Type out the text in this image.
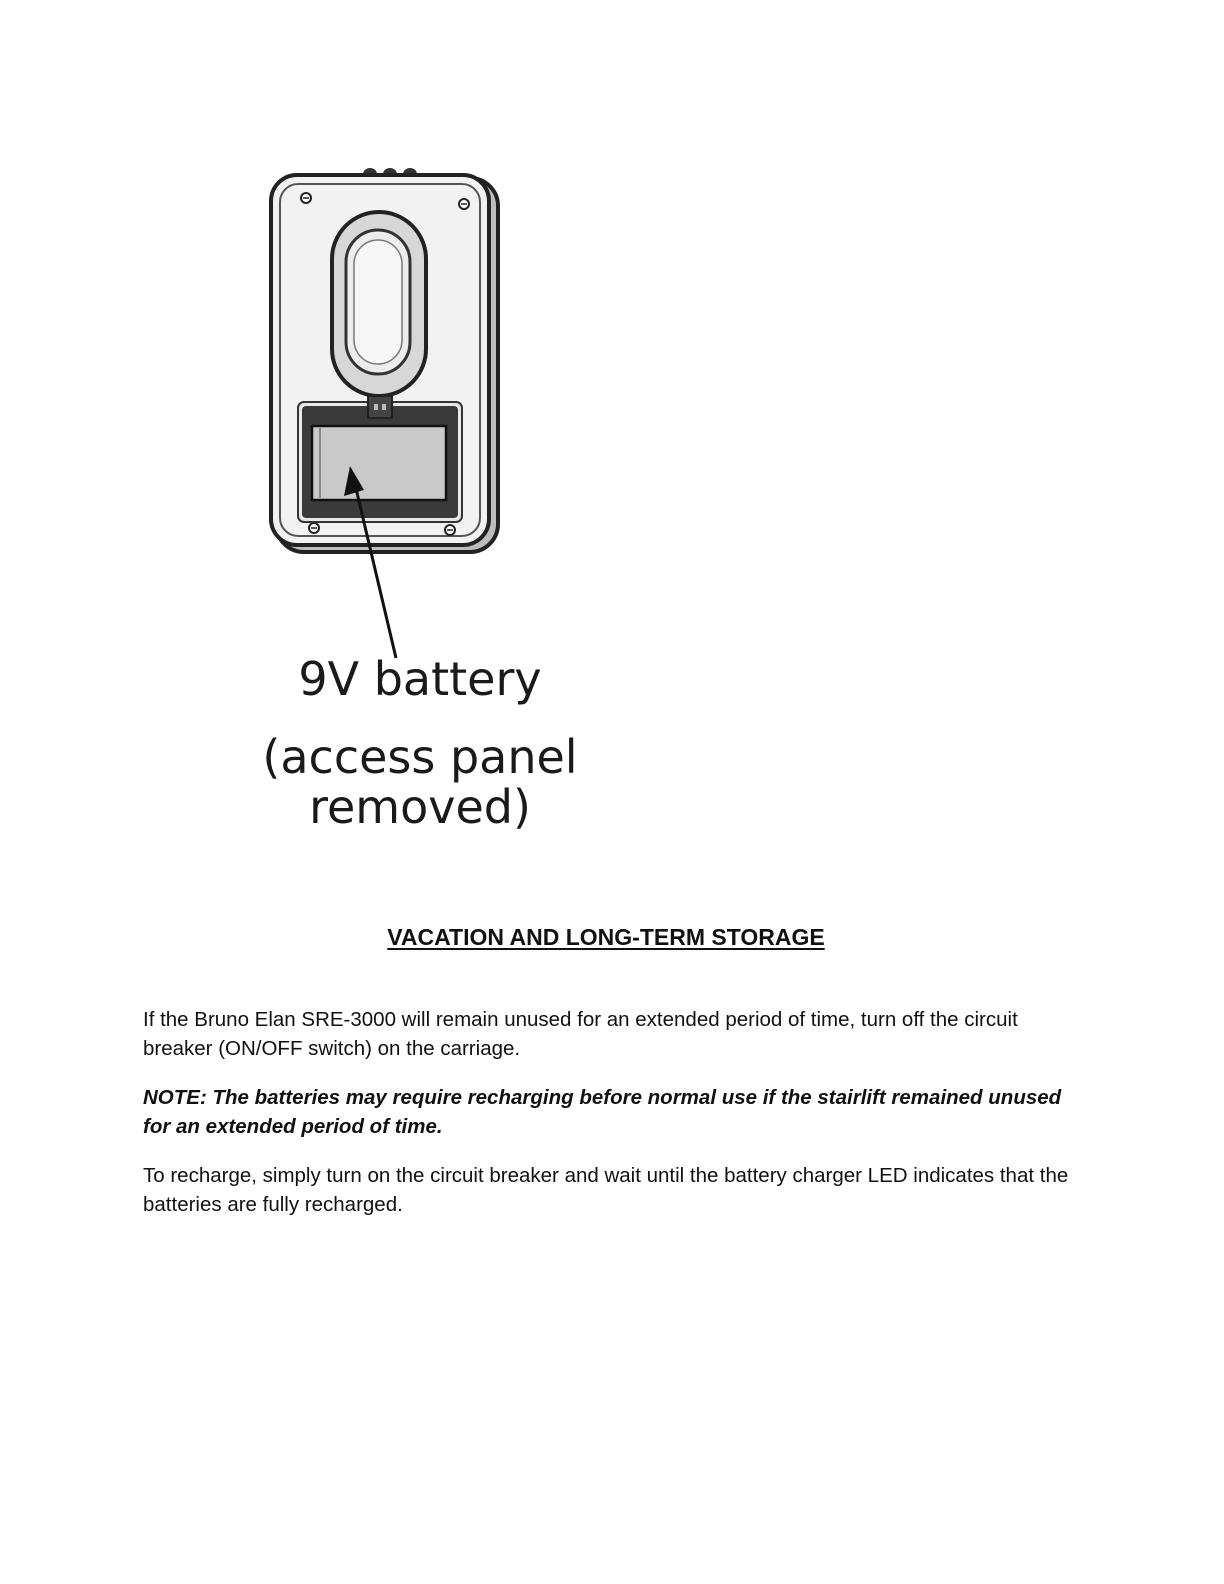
9V battery
(access panel
removed)
VACATION AND LONG-TERM STORAGE

If the Bruno Elan SRE-3000 will remain unused for an extended period of time, turn off the circuit breaker (ON/OFF switch) on the carriage.

NOTE: The batteries may require recharging before normal use if the stairlift remained unused for an extended period of time.

To recharge, simply turn on the circuit breaker and wait until the battery charger LED indicates that the batteries are fully recharged.
